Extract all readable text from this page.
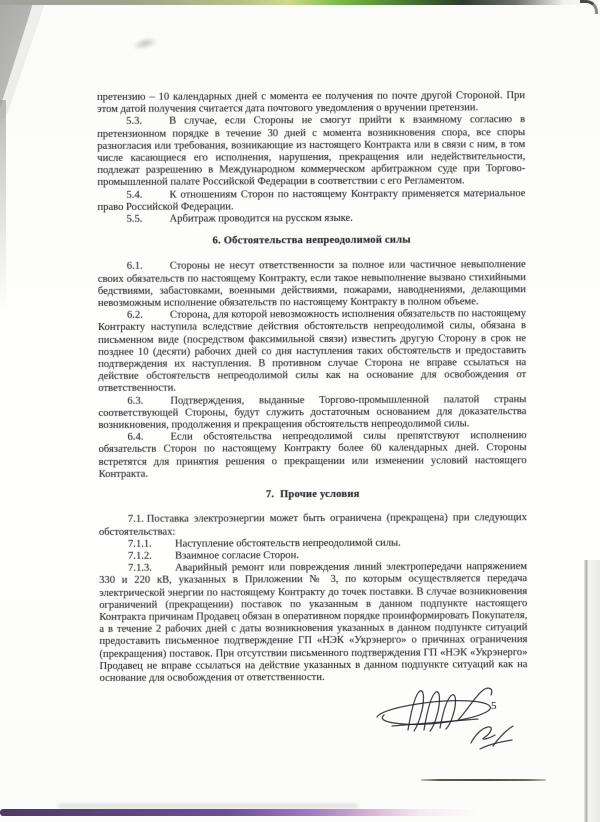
претензию – 10 календарных дней с момента ее получения по почте другой Стороной. При этом датой получения считается дата почтового уведомления о вручении претензии.

5.3.	В случае, если Стороны не смогут прийти к взаимному согласию в претензионном порядке в течение 30 дней с момента возникновения спора, все споры разногласия или требования, возникающие из настоящего Контракта или в связи с ним, в том числе касающиеся его исполнения, нарушения, прекращения или недействительности, подлежат разрешению в Международном коммерческом арбитражном суде при Торгово-промышленной палате Российской Федерации в соответствии с его Регламентом.

5.4.	К отношениям Сторон по настоящему Контракту применяется материальное право Российской Федерации.

5.5.	Арбитраж проводится на русском языке.

6. Обстоятельства непреодолимой силы

6.1.	Стороны не несут ответственности за полное или частичное невыполнение своих обязательств по настоящему Контракту, если такое невыполнение вызвано стихийными бедствиями, забастовками, военными действиями, пожарами, наводнениями, делающими невозможным исполнение обязательств по настоящему Контракту в полном объеме.

6.2.	Сторона, для которой невозможность исполнения обязательств по настоящему Контракту наступила вследствие действия обстоятельств непреодолимой силы, обязана в письменном виде (посредством факсимильной связи) известить другую Сторону в срок не позднее 10 (десяти) рабочих дней со дня наступления таких обстоятельств и предоставить подтверждения их наступления. В противном случае Сторона не вправе ссылаться на действие обстоятельств непреодолимой силы как на основание для освобождения от ответственности.

6.3.	Подтверждения, выданные Торгово-промышленной палатой страны соответствующей Стороны, будут служить достаточным основанием для доказательства возникновения, продолжения и прекращения обстоятельств непреодолимой силы.

6.4.	Если обстоятельства непреодолимой силы препятствуют исполнению обязательств Сторон по настоящему Контракту более 60 календарных дней. Стороны встретятся для принятия решения о прекращении или изменении условий настоящего Контракта.

7.  Прочие условия

7.1. Поставка электроэнергии может быть ограничена (прекращена) при следующих обстоятельствах:

7.1.1. Наступление обстоятельств непреодолимой силы.

7.1.2. Взаимное согласие Сторон.

7.1.3. Аварийный ремонт или повреждения линий электропередачи напряжением 330 и 220 кВ, указанных в Приложении № 3, по которым осуществляется передача электрической энергии по настоящему Контракту до точек поставки. В случае возникновения ограничений (прекращении) поставок по указанным в данном подпункте настоящего Контракта причинам Продавец обязан в оперативном порядке проинформировать Покупателя, а в течение 2 рабочих дней с даты возникновения указанных в данном подпункте ситуаций предоставить письменное подтверждение ГП «НЭК «Укрэнерго» о причинах ограничения (прекращения) поставок. При отсутствии письменного подтверждения ГП «НЭК «Укрэнерго» Продавец не вправе ссылаться на действие указанных в данном подпункте ситуаций как на основание для освобождения от ответственности.

5
